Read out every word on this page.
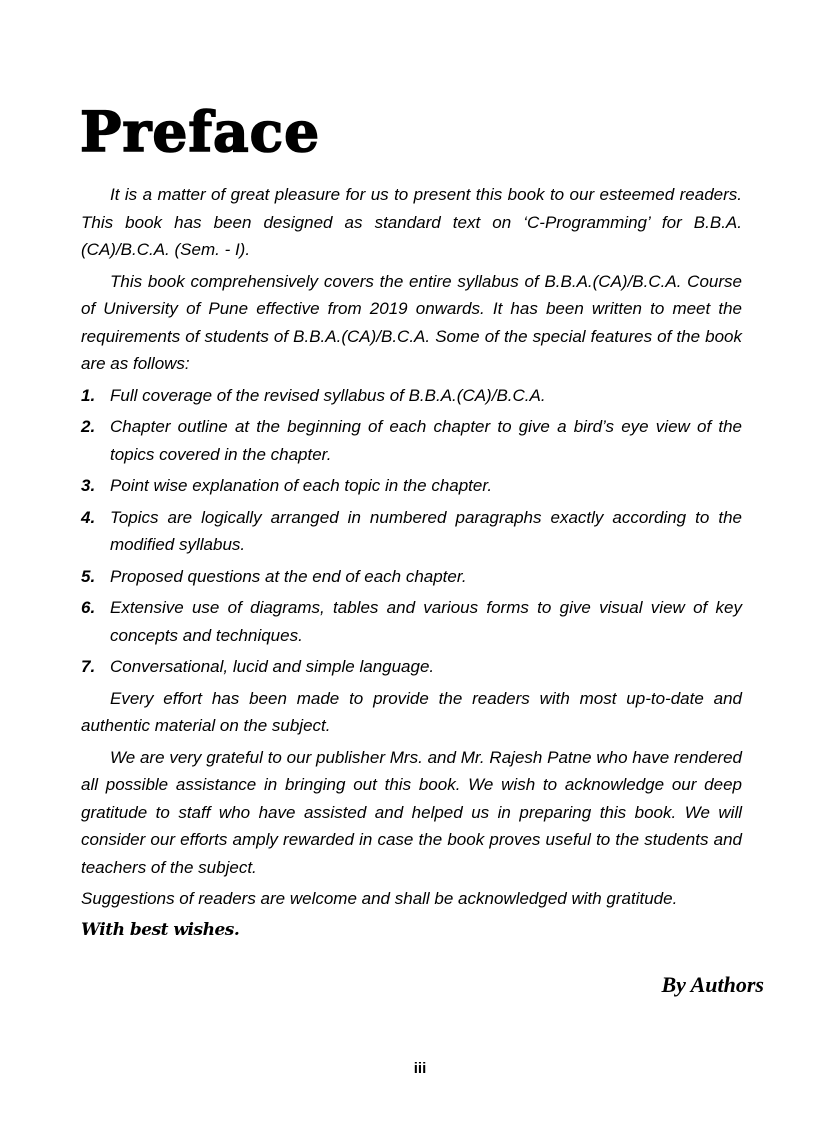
Preface

It is a matter of great pleasure for us to present this book to our esteemed readers. This book has been designed as standard text on ‘C-Programming’ for B.B.A.(CA)/B.C.A. (Sem. - I).

This book comprehensively covers the entire syllabus of B.B.A.(CA)/B.C.A. Course of University of Pune effective from 2019 onwards. It has been written to meet the requirements of students of B.B.A.(CA)/B.C.A. Some of the special features of the book are as follows:

1. Full coverage of the revised syllabus of B.B.A.(CA)/B.C.A.
2. Chapter outline at the beginning of each chapter to give a bird’s eye view of the topics covered in the chapter.
3. Point wise explanation of each topic in the chapter.
4. Topics are logically arranged in numbered paragraphs exactly according to the modified syllabus.
5. Proposed questions at the end of each chapter.
6. Extensive use of diagrams, tables and various forms to give visual view of key concepts and techniques.
7. Conversational, lucid and simple language.

Every effort has been made to provide the readers with most up-to-date and authentic material on the subject.

We are very grateful to our publisher Mrs. and Mr. Rajesh Patne who have rendered all possible assistance in bringing out this book. We wish to acknowledge our deep gratitude to staff who have assisted and helped us in preparing this book. We will consider our efforts amply rewarded in case the book proves useful to the students and teachers of the subject.

Suggestions of readers are welcome and shall be acknowledged with gratitude.

With best wishes.
By Authors
iii
